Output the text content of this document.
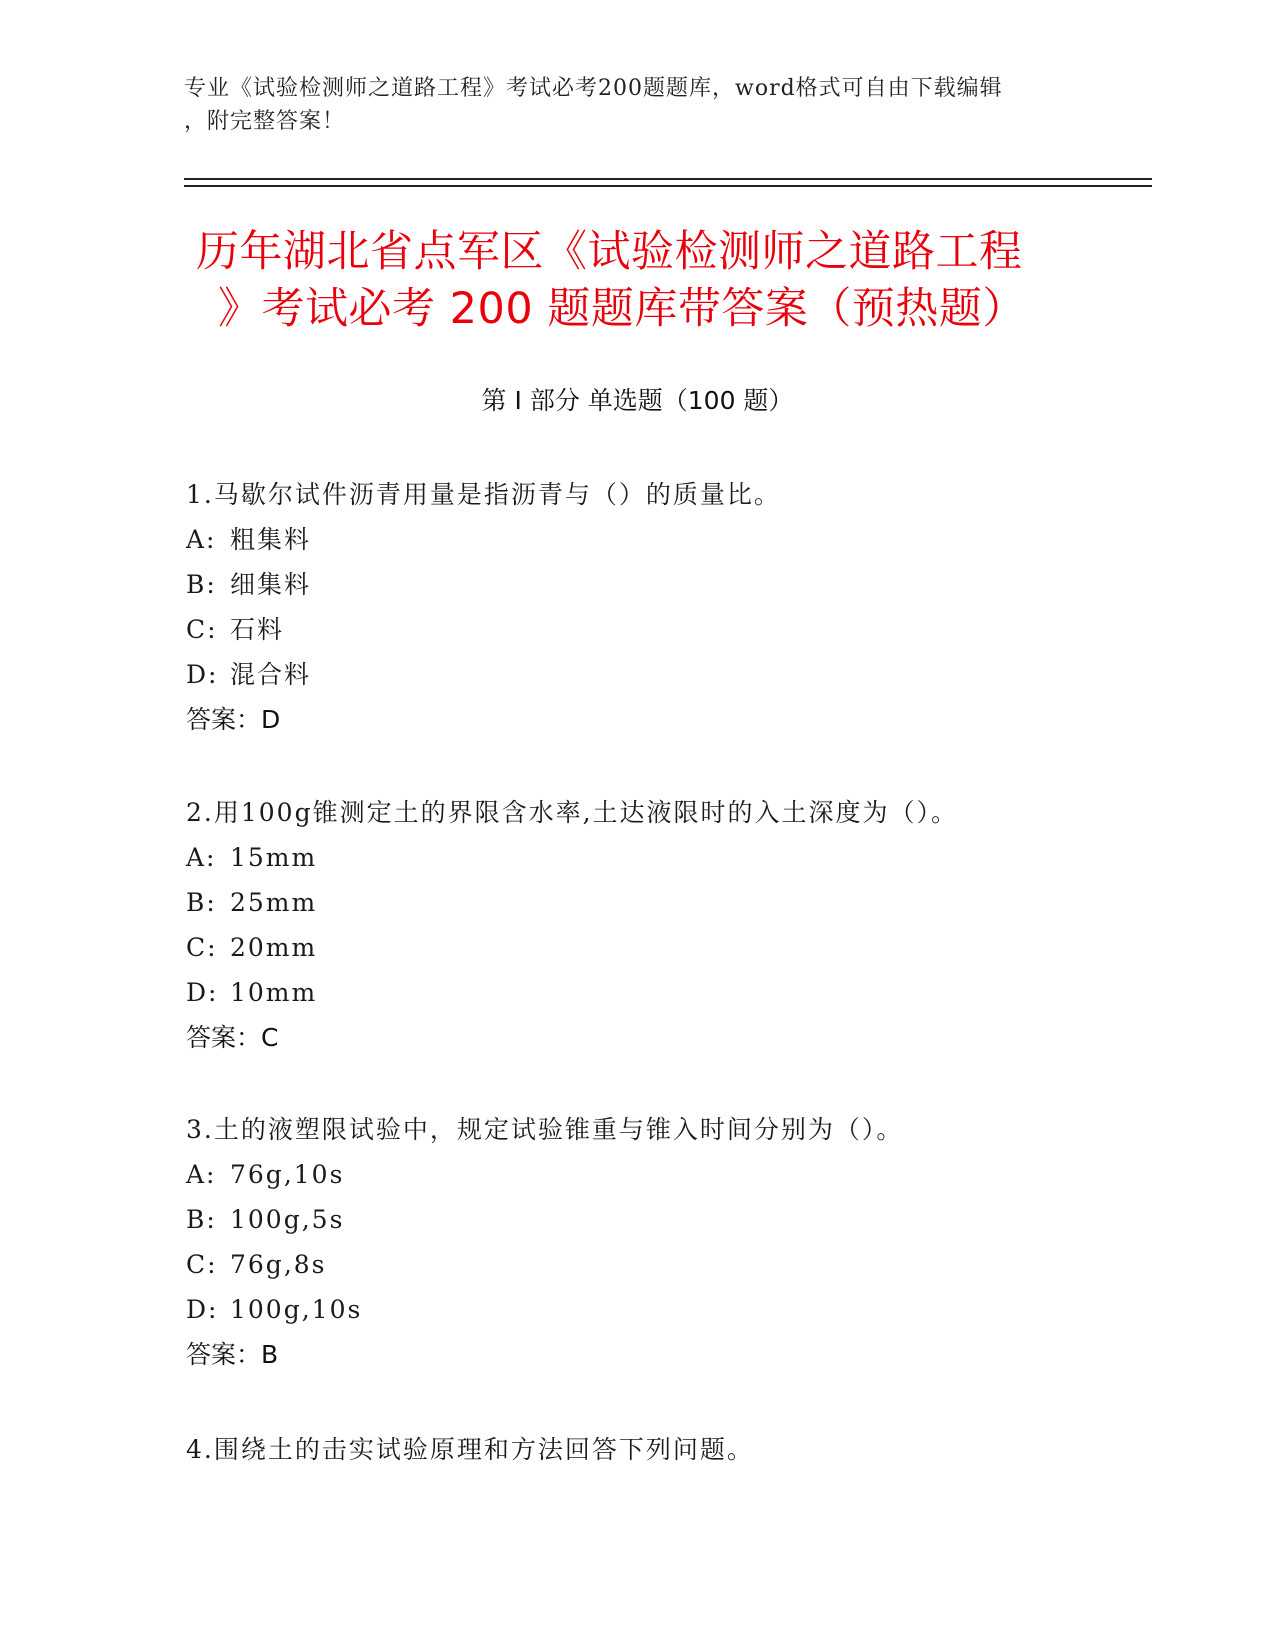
专业《试验检测师之道路工程》考试必考200题题库，word格式可自由下载编辑
，附完整答案！
历年湖北省点军区《试验检测师之道路工程
》考试必考 200 题题库带答案（预热题）
第 I 部分 单选题（100 题）
1.马歇尔试件沥青用量是指沥青与（）的质量比。
A: 粗集料
B: 细集料
C: 石料
D: 混合料
答案：D
2.用100g锥测定土的界限含水率,土达液限时的入土深度为（）。
A: 15mm
B: 25mm
C: 20mm
D: 10mm
答案：C
3.土的液塑限试验中，规定试验锥重与锥入时间分别为（）。
A: 76g,10s
B: 100g,5s
C: 76g,8s
D: 100g,10s
答案：B
4.围绕土的击实试验原理和方法回答下列问题。
